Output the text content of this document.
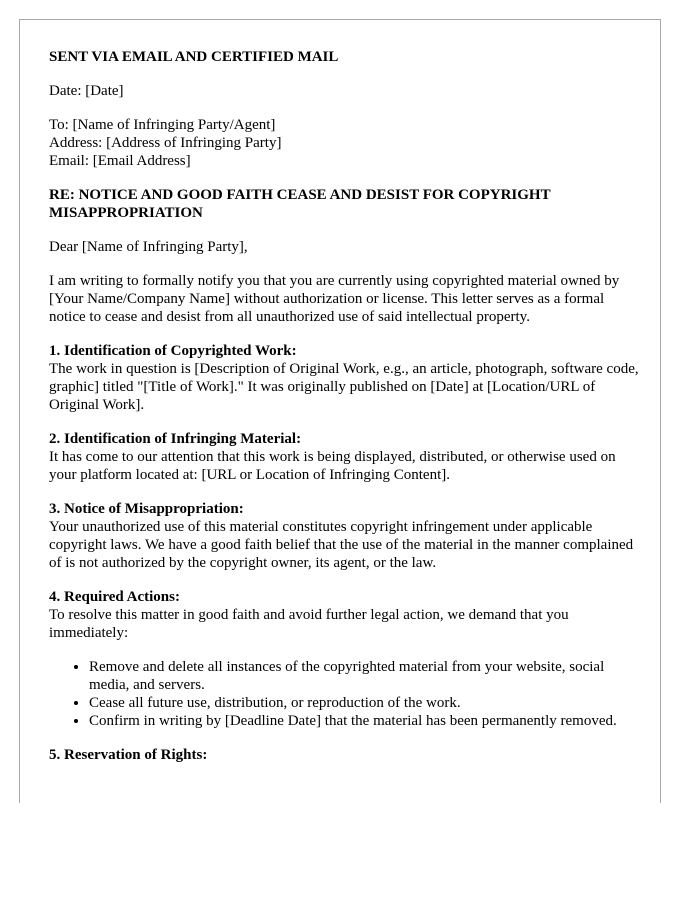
SENT VIA EMAIL AND CERTIFIED MAIL

Date: [Date]

To: [Name of Infringing Party/Agent]
Address: [Address of Infringing Party]
Email: [Email Address]

RE: NOTICE AND GOOD FAITH CEASE AND DESIST FOR COPYRIGHT MISAPPROPRIATION

Dear [Name of Infringing Party],

I am writing to formally notify you that you are currently using copyrighted material owned by [Your Name/Company Name] without authorization or license. This letter serves as a formal notice to cease and desist from all unauthorized use of said intellectual property.

1. Identification of Copyrighted Work:
The work in question is [Description of Original Work, e.g., an article, photograph, software code, graphic] titled "[Title of Work]." It was originally published on [Date] at [Location/URL of Original Work].

2. Identification of Infringing Material:
It has come to our attention that this work is being displayed, distributed, or otherwise used on your platform located at: [URL or Location of Infringing Content].

3. Notice of Misappropriation:
Your unauthorized use of this material constitutes copyright infringement under applicable copyright laws. We have a good faith belief that the use of the material in the manner complained of is not authorized by the copyright owner, its agent, or the law.

4. Required Actions:
To resolve this matter in good faith and avoid further legal action, we demand that you immediately:

• Remove and delete all instances of the copyrighted material from your website, social media, and servers.
• Cease all future use, distribution, or reproduction of the work.
• Confirm in writing by [Deadline Date] that the material has been permanently removed.

5. Reservation of Rights:
